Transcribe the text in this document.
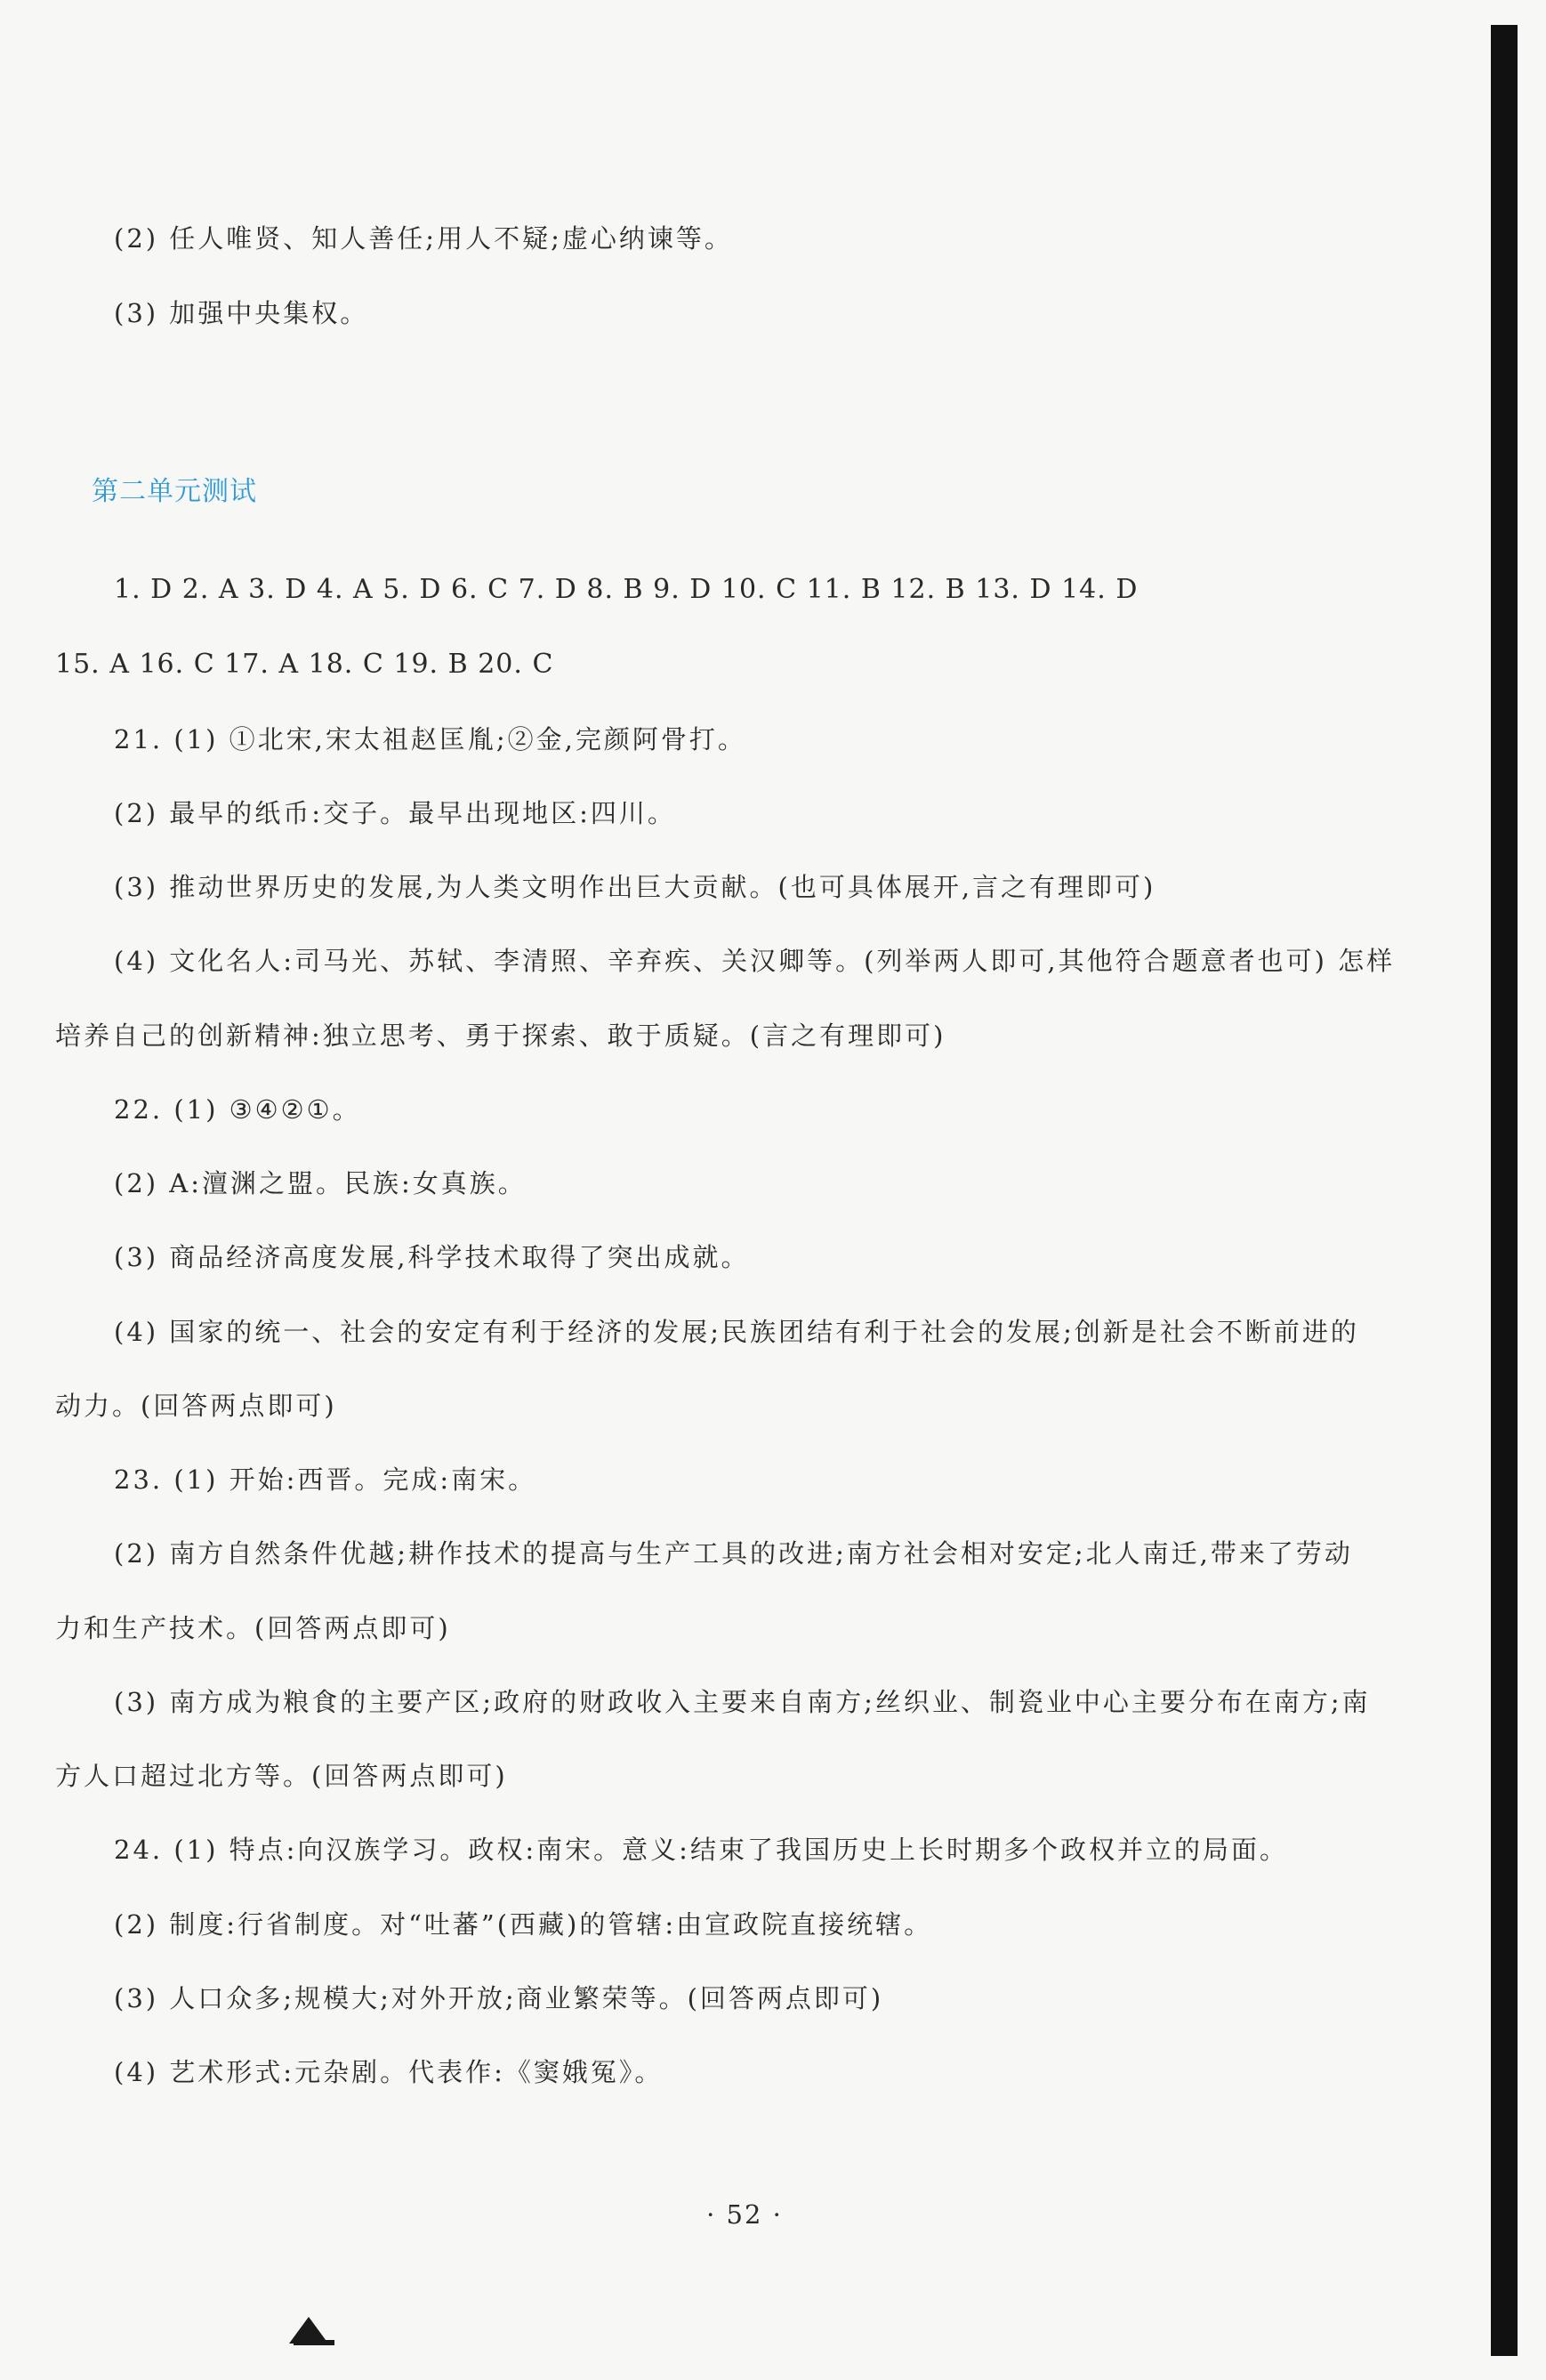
(2) 任人唯贤、知人善任;用人不疑;虚心纳谏等。
(3) 加强中央集权。
第二单元测试
1. D 2. A 3. D 4. A 5. D 6. C 7. D 8. B 9. D 10. C 11. B 12. B 13. D 14. D
15. A 16. C 17. A 18. C 19. B 20. C
21. (1) ①北宋,宋太祖赵匡胤;②金,完颜阿骨打。
(2) 最早的纸币:交子。最早出现地区:四川。
(3) 推动世界历史的发展,为人类文明作出巨大贡献。(也可具体展开,言之有理即可)
(4) 文化名人:司马光、苏轼、李清照、辛弃疾、关汉卿等。(列举两人即可,其他符合题意者也可) 怎样
培养自己的创新精神:独立思考、勇于探索、敢于质疑。(言之有理即可)
22. (1) ③④②①。
(2) A:澶渊之盟。民族:女真族。
(3) 商品经济高度发展,科学技术取得了突出成就。
(4) 国家的统一、社会的安定有利于经济的发展;民族团结有利于社会的发展;创新是社会不断前进的
动力。(回答两点即可)
23. (1) 开始:西晋。完成:南宋。
(2) 南方自然条件优越;耕作技术的提高与生产工具的改进;南方社会相对安定;北人南迁,带来了劳动
力和生产技术。(回答两点即可)
(3) 南方成为粮食的主要产区;政府的财政收入主要来自南方;丝织业、制瓷业中心主要分布在南方;南
方人口超过北方等。(回答两点即可)
24. (1) 特点:向汉族学习。政权:南宋。意义:结束了我国历史上长时期多个政权并立的局面。
(2) 制度:行省制度。对“吐蕃”(西藏)的管辖:由宣政院直接统辖。
(3) 人口众多;规模大;对外开放;商业繁荣等。(回答两点即可)
(4) 艺术形式:元杂剧。代表作:《窦娥冤》。
· 52 ·
